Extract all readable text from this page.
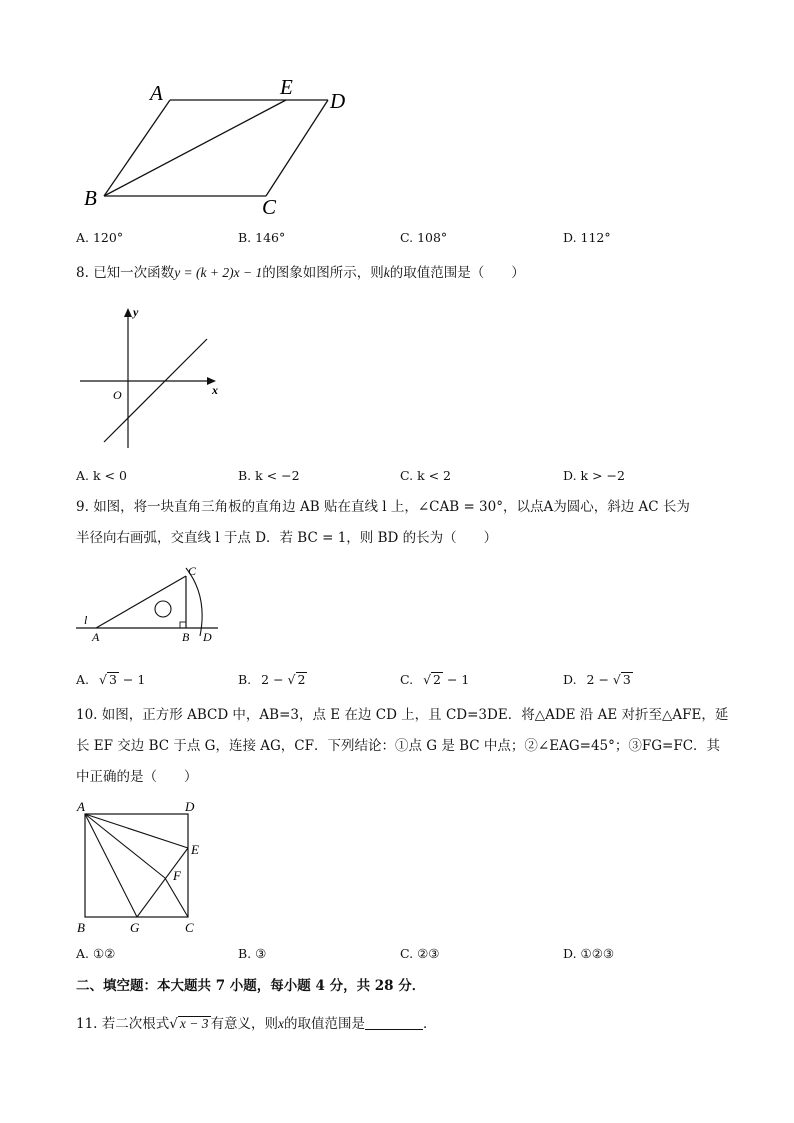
A	E
D
B	C
A. 120°	B. 146°	C. 108°	D. 112°
8. 已知一次函数y = (k + 2)x − 1的图象如图所示，则k的取值范围是（　　）
y
x
O
A. k < 0	B. k < −2	C. k < 2	D. k > −2
9. 如图，将一块直角三角板的直角边 AB 贴在直线 l 上，∠CAB = 30°，以点A为圆心，斜边 AC 长为
半径向右画弧，交直线 l 于点 D．若 BC = 1，则 BD 的长为（　　）
C
l
A	B D
A. √ 3 − 1	B. 2 − √ 2	C. √ 2 − 1	D. 2 − √ 3
10. 如图，正方形 ABCD 中，AB=3，点 E 在边 CD 上，且 CD=3DE．将△ADE 沿 AE 对折至△AFE，延
长 EF 交边 BC 于点 G，连接 AG，CF．下列结论：①点 G 是 BC 中点；②∠EAG=45°；③FG=FC．其
中正确的是（　　）
A	D
E
F
B	G	C
A. ①②	B. ③	C. ②③	D. ①②③
二、填空题：本大题共 7 小题，每小题 4 分，共 28 分．
11. 若二次根式√ x − 3 有意义，则x的取值范围是	．
